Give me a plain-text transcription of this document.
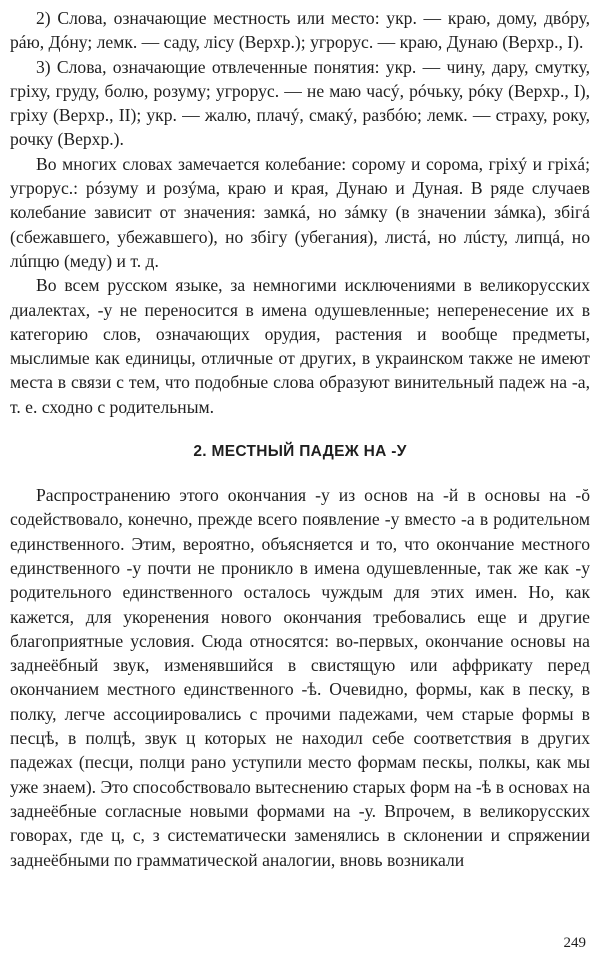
2) Слова, означающие местность или место: укр. — краю, дому, двóру, рáю, Дóну; лемк. — саду, лісу (Верхр.); угрорус. — краю, Дунаю (Верхр., I).

3) Слова, означающие отвлеченные понятия: укр. — чину, дару, смутку, гріху, груду, болю, розуму; угрорус. — не маю часý, рóчьку, рóку (Верхр., I), гріху (Верхр., II); укр. — жалю, плачý, смакý, разбóю; лемк. — страху, року, рочку (Верхр.).

Во многих словах замечается колебание: сорому и сорома, гріхý и гріхá; угрорус.: рóзуму и розýма, краю и края, Дунаю и Дуная. В ряде случаев колебание зависит от значения: замкá, но зáмку (в значении зáмка), збігá (сбежавшего, убежавшего), но збігу (убегания), листá, но лúсту, липцá, но лúпцю (меду) и т. д.

Во всем русском языке, за немногими исключениями в великорусских диалектах, -у не переносится в имена одушевленные; неперенесение их в категорию слов, означающих орудия, растения и вообще предметы, мыслимые как единицы, отличные от других, в украинском также не имеют места в связи с тем, что подобные слова образуют винительный падеж на -а, т. е. сходно с родительным.

2. МЕСТНЫЙ ПАДЕЖ НА -У

Распространению этого окончания -у из основ на -й в основы на -ŏ содействовало, конечно, прежде всего появление -у вместо -а в родительном единственного. Этим, вероятно, объясняется и то, что окончание местного единственного -у почти не проникло в имена одушевленные, так же как -у родительного единственного осталось чуждым для этих имен. Но, как кажется, для укоренения нового окончания требовались еще и другие благоприятные условия. Сюда относятся: во-первых, окончание основы на заднеёбный звук, изменявшийся в свистящую или аффрикату перед окончанием местного единственного -ѣ. Очевидно, формы, как в песку, в полку, легче ассоциировались с прочими падежами, чем старые формы в песцѣ, в полцѣ, звук ц которых не находил себе соответствия в других падежах (песци, полци рано уступили место формам пескы, полкы, как мы уже знаем). Это способствовало вытеснению старых форм на -ѣ в основах на заднеёбные согласные новыми формами на -у. Впрочем, в великорусских говорах, где ц, с, з систематически заменялись в склонении и спряжении заднеёбными по грамматической аналогии, вновь возникали

249
